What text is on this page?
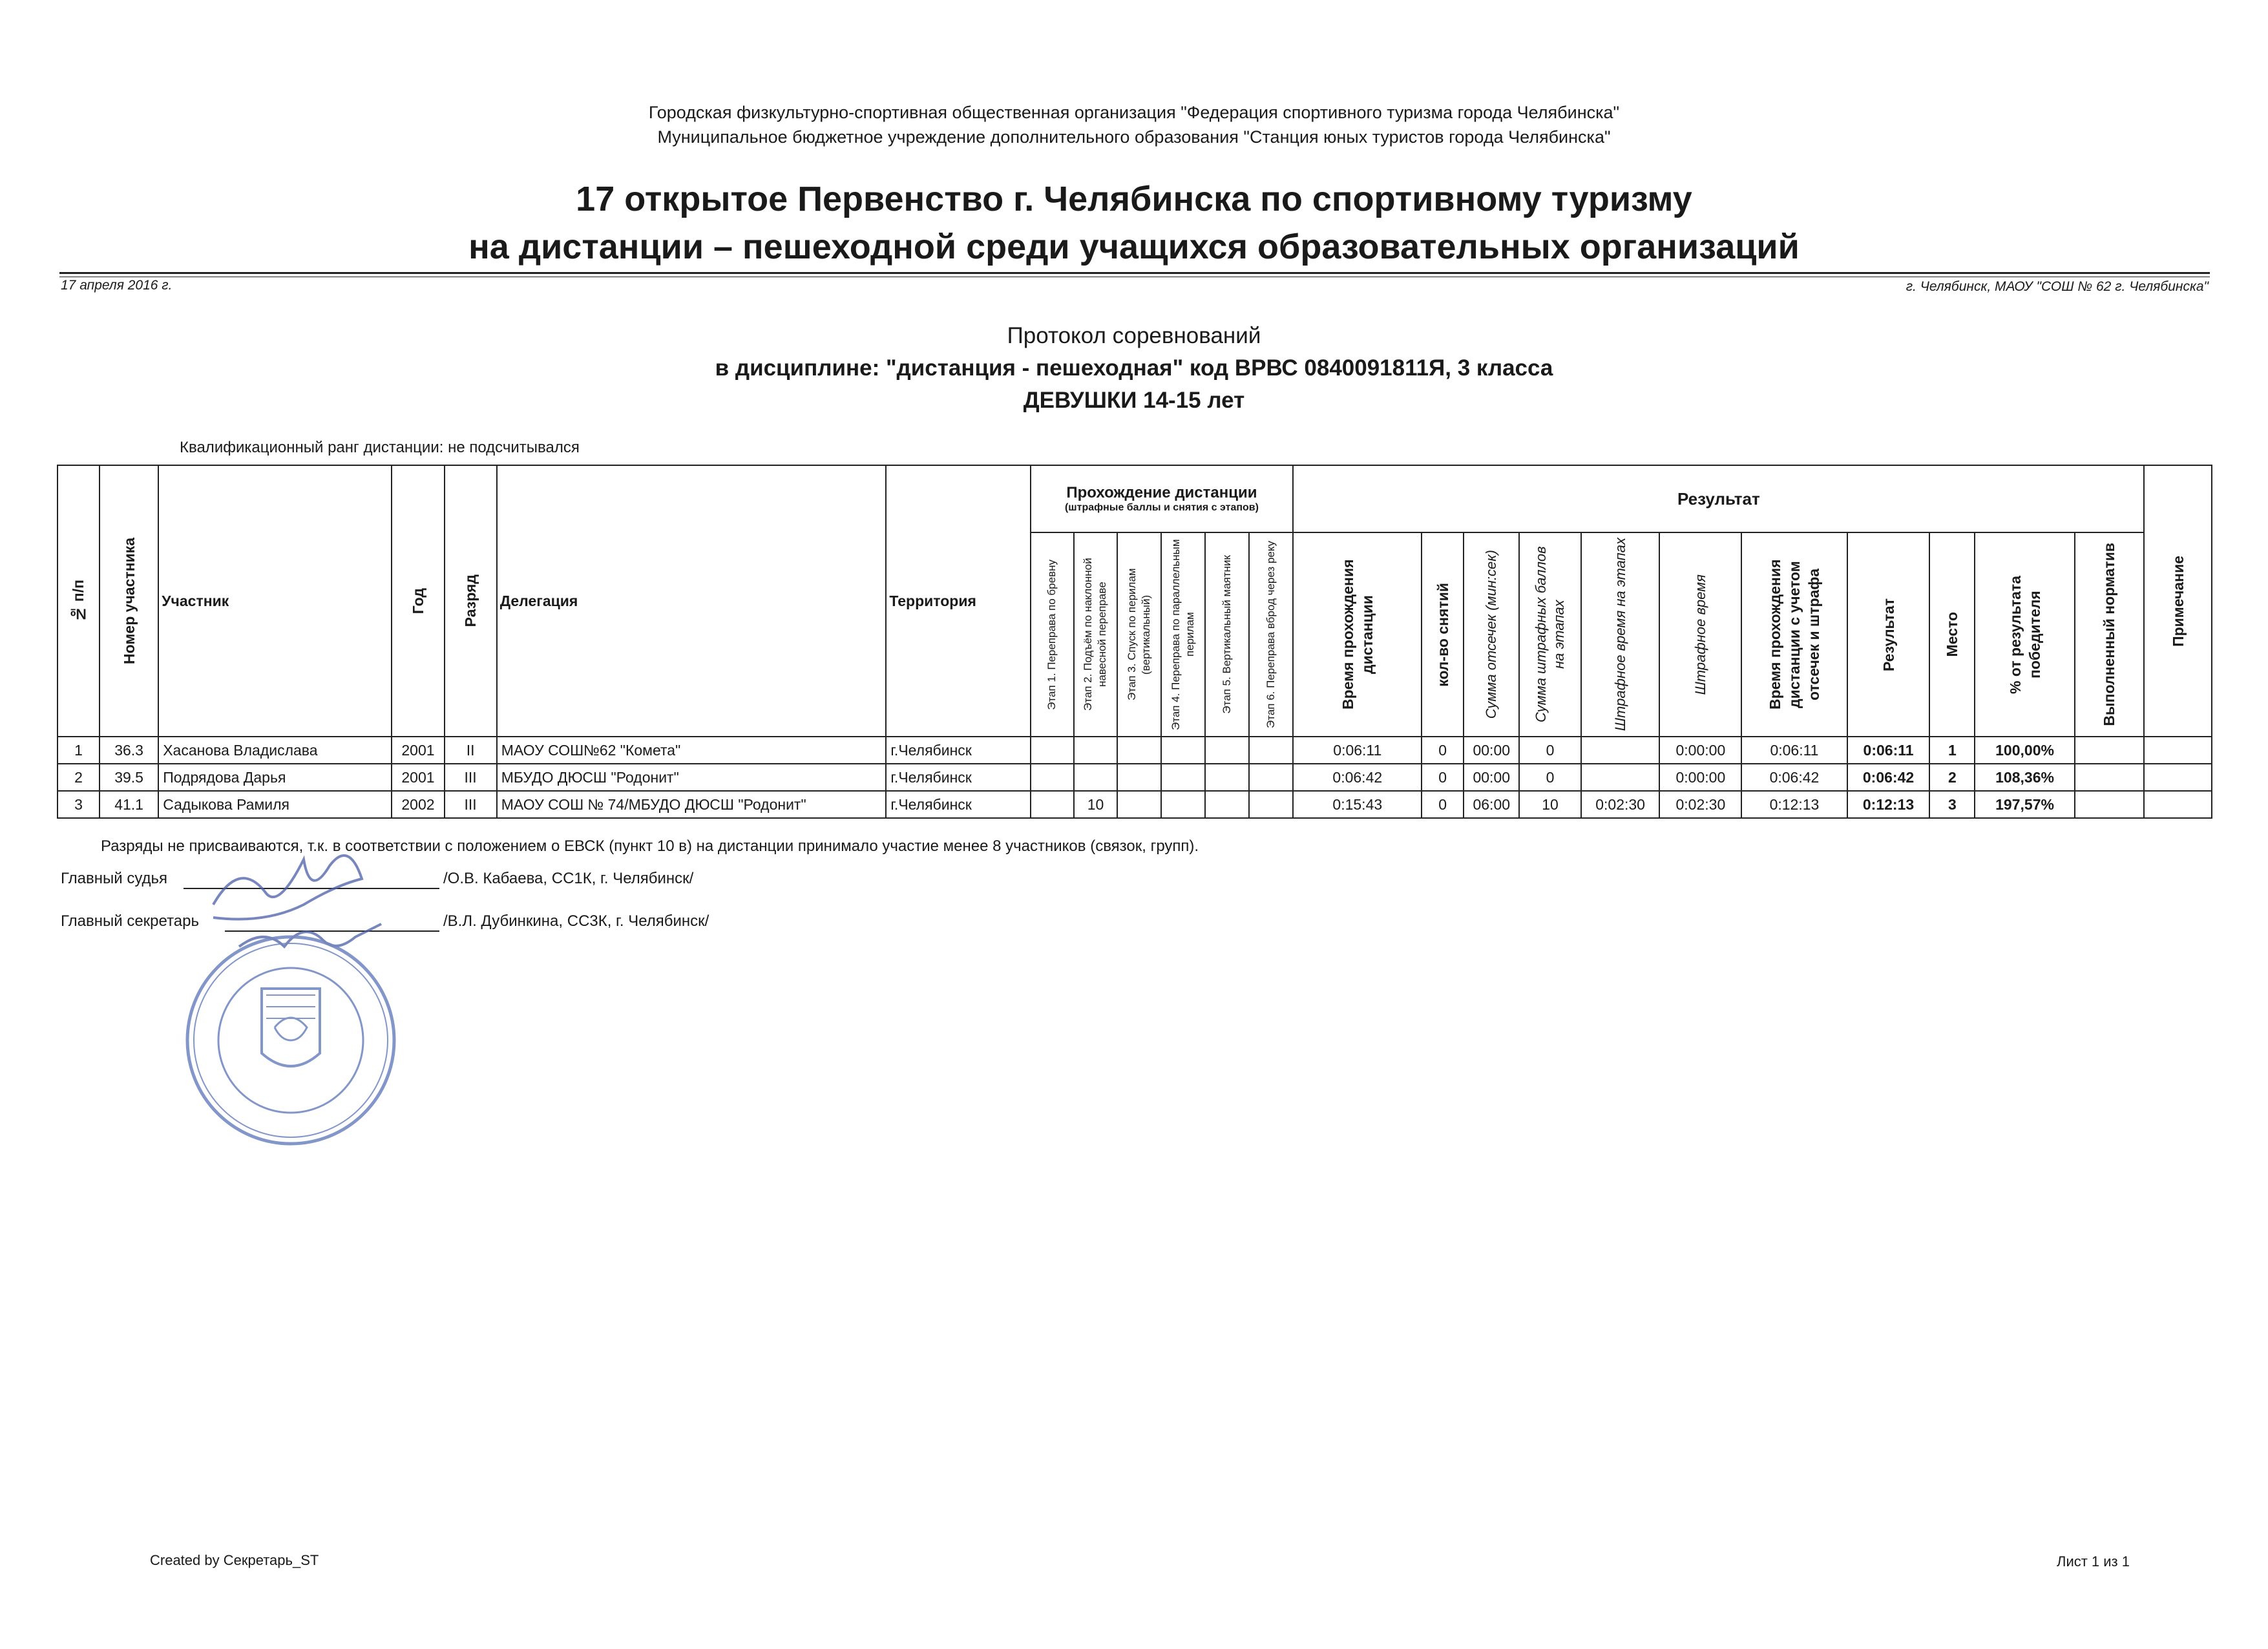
Городская физкультурно-спортивная общественная организация "Федерация спортивного туризма города Челябинска"
Муниципальное бюджетное учреждение дополнительного образования "Станция юных туристов города Челябинска"
17 открытое Первенство г. Челябинска по спортивному туризму
на дистанции – пешеходной среди учащихся образовательных организаций
17 апреля 2016 г.	г. Челябинск, МАОУ "СОШ № 62 г. Челябинска"
Протокол соревнований
в дисциплине: "дистанция - пешеходная" код ВРВС 0840091811Я, 3 класса
ДЕВУШКИ 14-15 лет
Квалификационный ранг дистанции: не подсчитывался
№ п/п	Номер участника	Участник	Год	Разряд	Делегация	Территория	Прохождение дистанции
(штрафные баллы и снятия с этапов)						Результат											Примечание

							Этап 1. Переправа по бревну	Этап 2. Подъём по наклонной навесной переправе	Этап 3. Спуск по перилам (вертикальный)	Этап 4. Переправа по параллельным перилам	Этап 5. Вертикальный маятник	Этап 6. Переправа вброд через реку	Время прохождения дистанции	кол-во снятий	Сумма отсечек (мин:сек)	Сумма штрафных баллов на этапах	Штрафное время на этапах	Штрафное время	Время прохождения дистанции с учетом отсечек и штрафа	Результат	Место	% от результата победителя	Выполненный норматив	

1	36.3	Хасанова Владислава	2001	II	МАОУ СОШ№62 "Комета"	г.Челябинск							0:06:11	0	00:00	0		0:00:00	0:06:11	0:06:11	1	100,00%		
2	39.5	Подрядова Дарья	2001	III	МБУДО ДЮСШ "Родонит"	г.Челябинск							0:06:42	0	00:00	0		0:00:00	0:06:42	0:06:42	2	108,36%		
3	41.1	Садыкова Рамиля	2002	III	МАОУ СОШ № 74/МБУДО ДЮСШ "Родонит"	г.Челябинск		10					0:15:43	0	06:00	10	0:02:30	0:02:30	0:12:13	0:12:13	3	197,57%		
Разряды не присваиваются, т.к. в соответствии с положением о ЕВСК (пункт 10 в) на дистанции принимало участие менее 8 участников (связок, групп).
Главный судья	/О.В. Кабаева, СС1К, г. Челябинск/
Главный секретарь	/В.Л. Дубинкина, СС3К, г. Челябинск/
Created by Секретарь_ST	Лист 1 из 1
